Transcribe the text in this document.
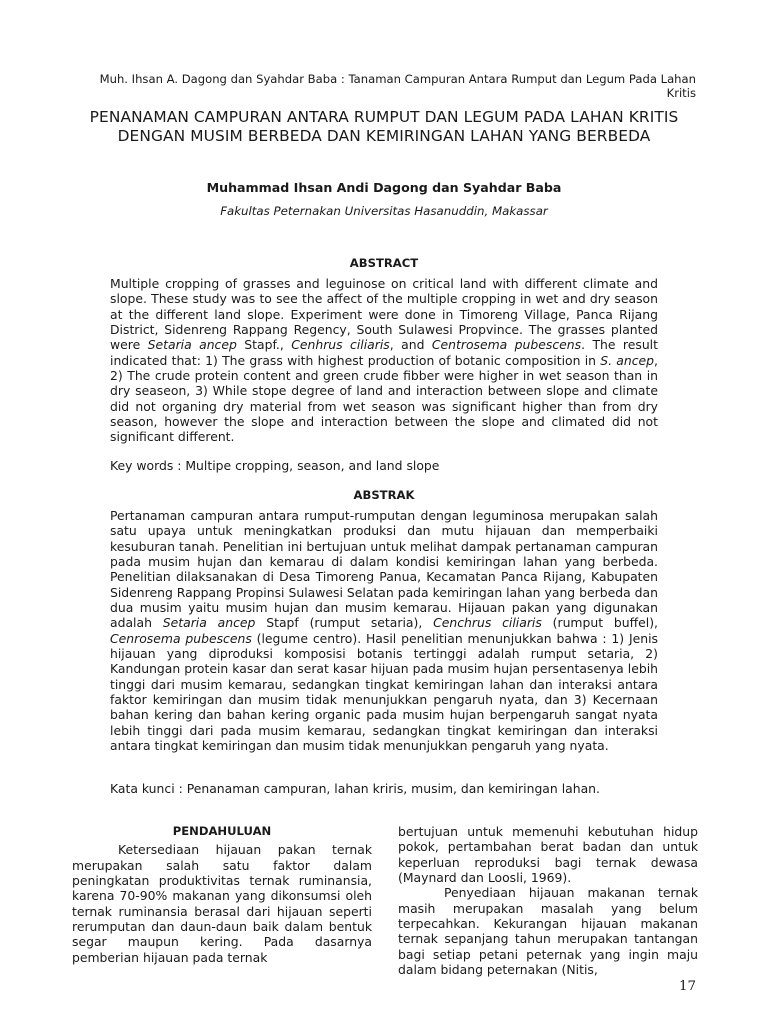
Muh. Ihsan A. Dagong dan Syahdar Baba : Tanaman Campuran Antara Rumput dan Legum Pada Lahan Kritis
PENANAMAN CAMPURAN ANTARA RUMPUT DAN LEGUM PADA LAHAN KRITIS DENGAN MUSIM BERBEDA DAN KEMIRINGAN LAHAN YANG BERBEDA
Muhammad Ihsan Andi Dagong dan Syahdar Baba
Fakultas Peternakan Universitas Hasanuddin, Makassar
ABSTRACT
Multiple cropping of grasses and leguinose on critical land with different climate and slope. These study was to see the affect of the multiple cropping in wet and dry season at the different land slope. Experiment were done in Timoreng Village, Panca Rijang District, Sidenreng Rappang Regency, South Sulawesi Propvince. The grasses planted were Setaria ancep Stapf., Cenhrus ciliaris, and Centrosema pubescens. The result indicated that: 1) The grass with highest production of botanic composition in S. ancep, 2) The crude protein content and green crude fibber were higher in wet season than in dry seaseon, 3) While stope degree of land and interaction between slope and climate did not organing dry material from wet season was significant higher than from dry season, however the slope and interaction between the slope and climated did not significant different.
Key words : Multipe cropping, season, and land slope
ABSTRAK
Pertanaman campuran antara rumput-rumputan dengan leguminosa merupakan salah satu upaya untuk meningkatkan produksi dan mutu hijauan dan memperbaiki kesuburan tanah. Penelitian ini bertujuan untuk melihat dampak pertanaman campuran pada musim hujan dan kemarau di dalam kondisi kemiringan lahan yang berbeda. Penelitian dilaksanakan di Desa Timoreng Panua, Kecamatan Panca Rijang, Kabupaten Sidenreng Rappang Propinsi Sulawesi Selatan pada kemiringan lahan yang berbeda dan dua musim yaitu musim hujan dan musim kemarau. Hijauan pakan yang digunakan adalah Setaria ancep Stapf (rumput setaria), Cenchrus ciliaris (rumput buffel), Cenrosema pubescens (legume centro). Hasil penelitian menunjukkan bahwa : 1) Jenis hijauan yang diproduksi komposisi botanis tertinggi adalah rumput setaria, 2) Kandungan protein kasar dan serat kasar hijuan pada musim hujan persentasenya lebih tinggi dari musim kemarau, sedangkan tingkat kemiringan lahan dan interaksi antara faktor kemiringan dan musim tidak menunjukkan pengaruh nyata, dan 3) Kecernaan bahan kering dan bahan kering organic pada musim hujan berpengaruh sangat nyata lebih tinggi dari pada musim kemarau, sedangkan tingkat kemiringan dan interaksi antara tingkat kemiringan dan musim tidak menunjukkan pengaruh yang nyata.
Kata kunci : Penanaman campuran, lahan kriris, musim, dan kemiringan lahan.

PENDAHULUAN

Ketersediaan hijauan pakan ternak merupakan salah satu faktor dalam peningkatan produktivitas ternak ruminansia, karena 70-90% makanan yang dikonsumsi oleh ternak ruminansia berasal dari hijauan seperti rerumputan dan daun-daun baik dalam bentuk segar maupun kering. Pada dasarnya pemberian hijauan pada ternak

bertujuan untuk memenuhi kebutuhan hidup pokok, pertambahan berat badan dan untuk keperluan reproduksi bagi ternak dewasa (Maynard dan Loosli, 1969).

Penyediaan hijauan makanan ternak masih merupakan masalah yang belum terpecahkan. Kekurangan hijauan makanan ternak sepanjang tahun merupakan tantangan bagi setiap petani peternak yang ingin maju dalam bidang peternakan (Nitis,

17
